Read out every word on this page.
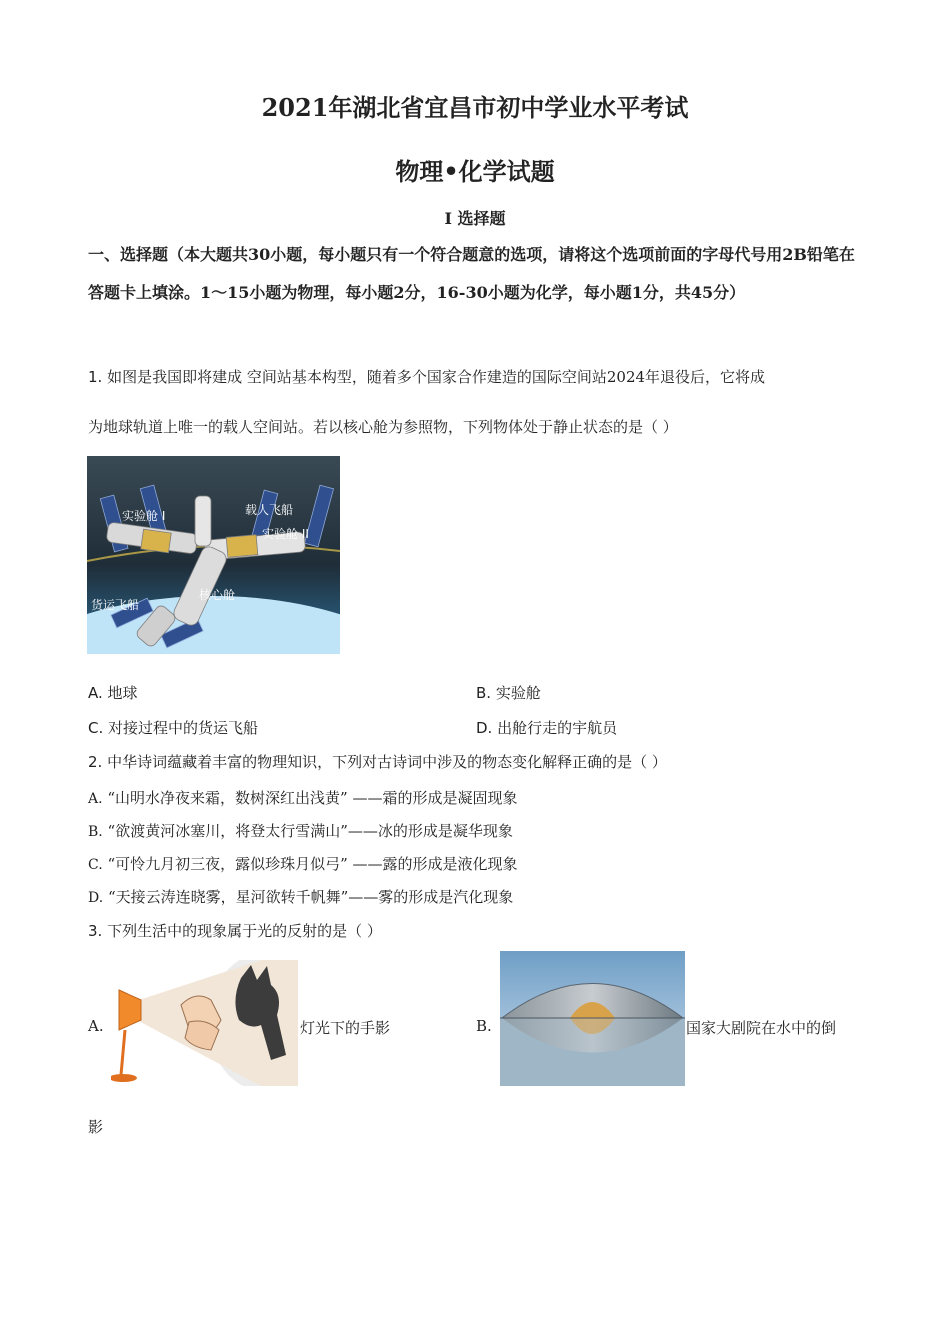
2021年湖北省宜昌市初中学业水平考试
物理•化学试题
I 选择题
一、选择题（本大题共30小题，每小题只有一个符合题意的选项，请将这个选项前面的字母代号用2B铅笔在答题卡上填涂。1～15小题为物理，每小题2分，16-30小题为化学，每小题1分，共45分）
1. 如图是我国即将建成 空间站基本构型，随着多个国家合作建造的国际空间站2024年退役后，它将成
为地球轨道上唯一的载人空间站。若以核心舱为参照物，下列物体处于静止状态的是（ ）
实验舱 I	载人飞船
实验舱 II
货运飞船
核心舱
A. 地球	B. 实验舱
C. 对接过程中的货运飞船	D. 出舱行走的宇航员
2. 中华诗词蕴藏着丰富的物理知识，下列对古诗词中涉及的物态变化解释正确的是（ ）
A. “山明水净夜来霜，数树深红出浅黄” ——霜的形成是凝固现象
B. “欲渡黄河冰塞川，将登太行雪满山”——冰的形成是凝华现象
C. “可怜九月初三夜，露似珍珠月似弓” ——露的形成是液化现象
D. “天接云涛连晓雾，星河欲转千帆舞”——雾的形成是汽化现象
3. 下列生活中的现象属于光的反射的是（ ）
A.	灯光下的手影	B.	国家大剧院在水中的倒
影
